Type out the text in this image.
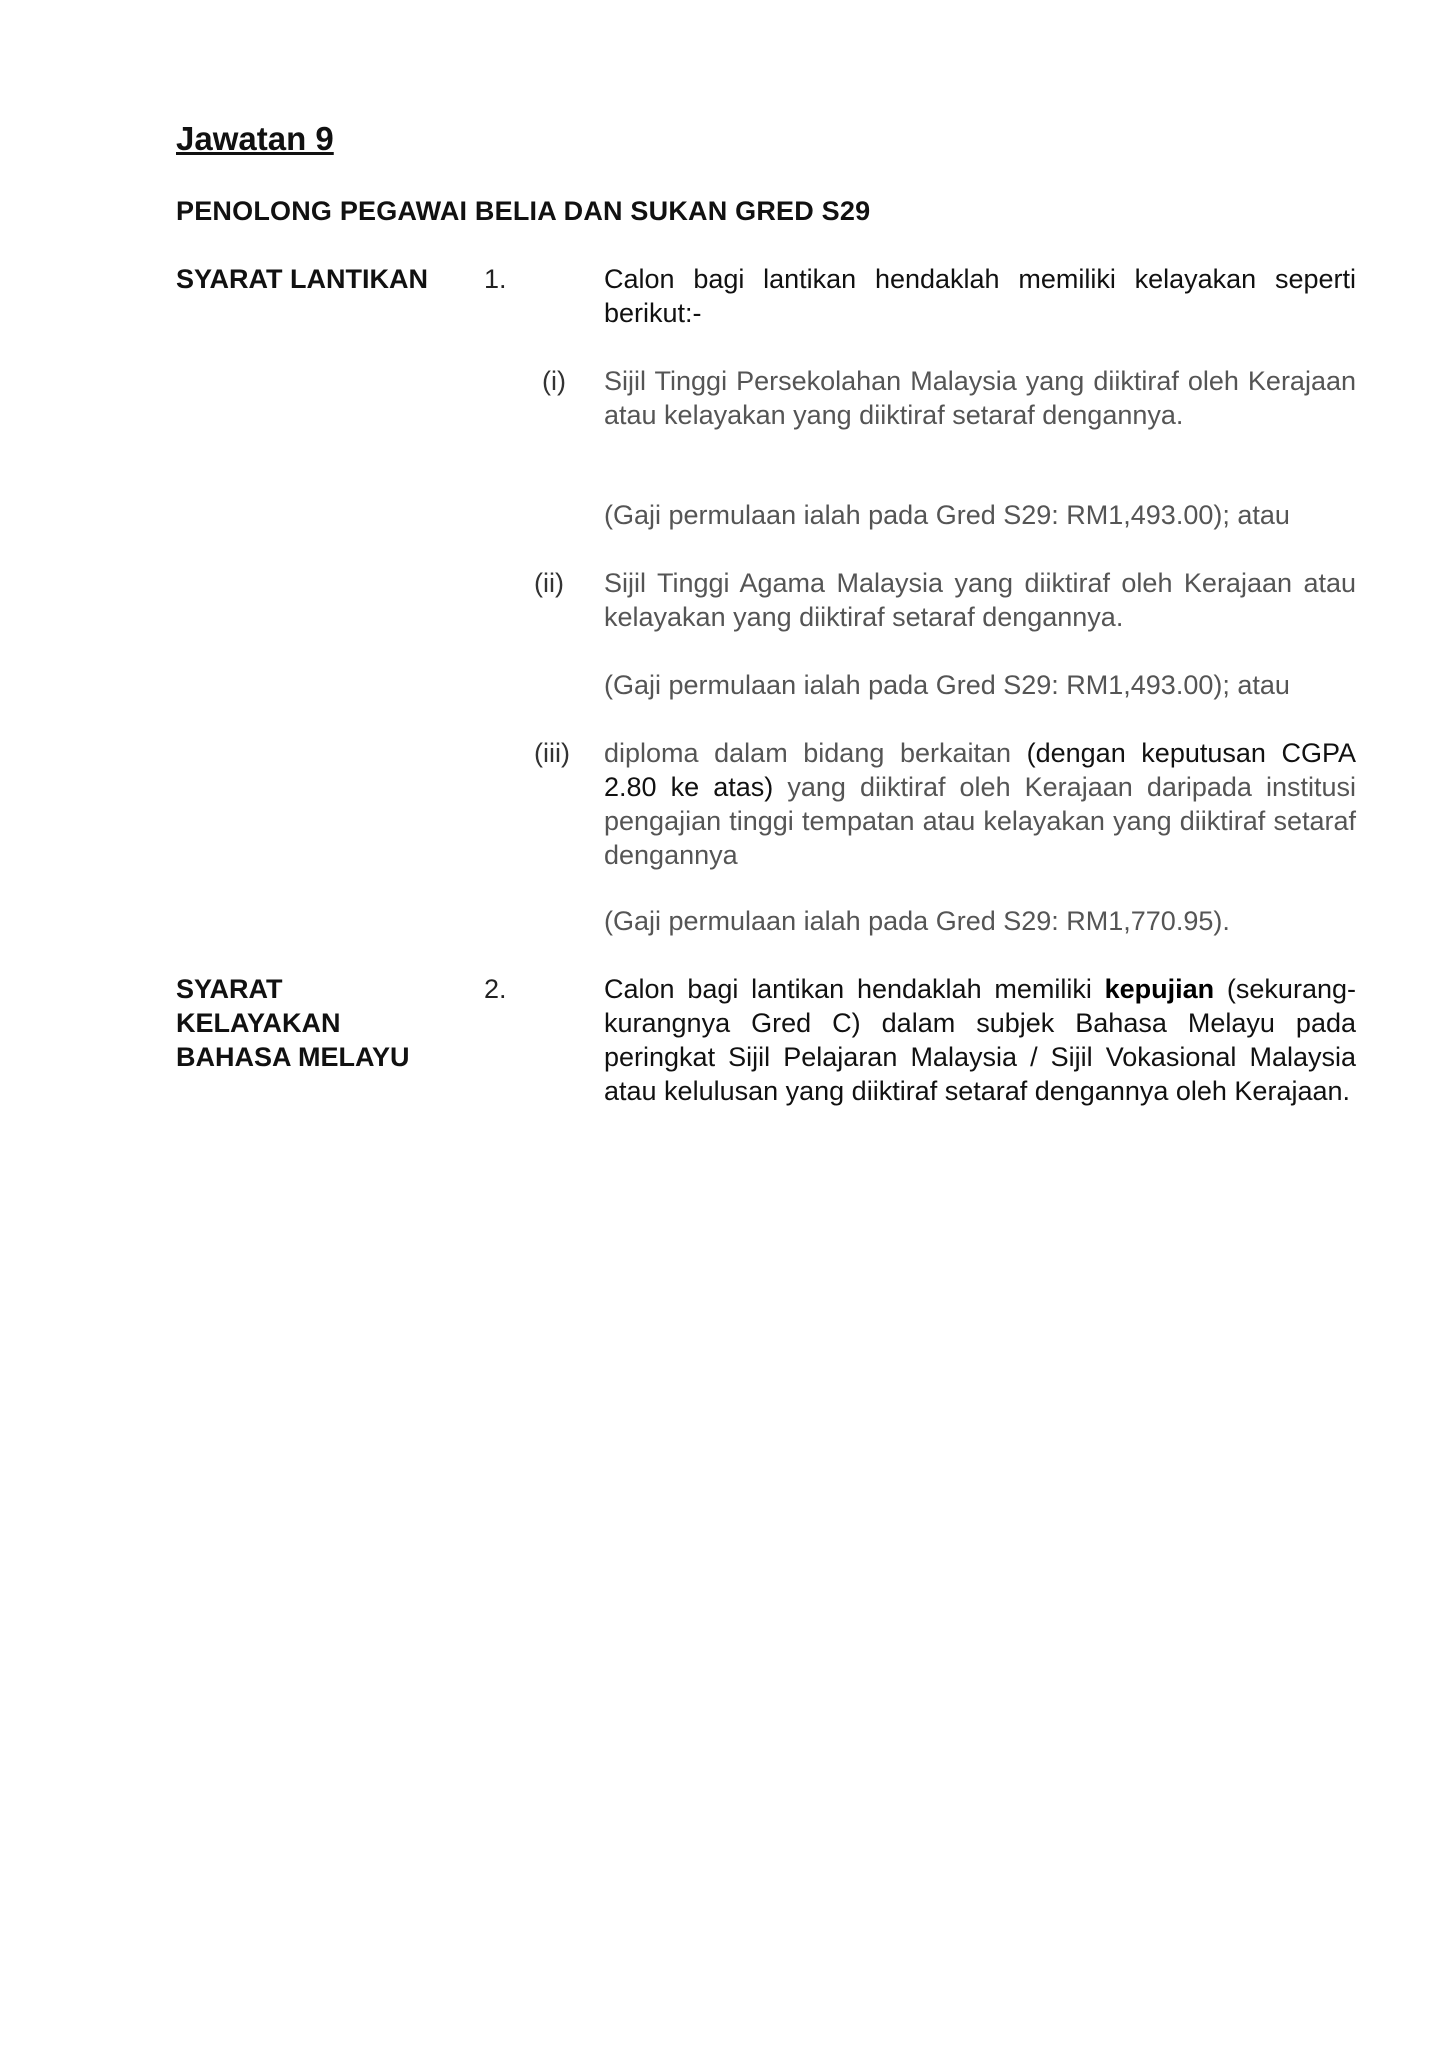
Jawatan 9
PENOLONG PEGAWAI BELIA DAN SUKAN GRED S29
SYARAT LANTIKAN 1.	Calon bagi lantikan hendaklah memiliki kelayakan seperti berikut:-
(i) Sijil Tinggi Persekolahan Malaysia yang diiktiraf oleh Kerajaan atau kelayakan yang diiktiraf setaraf dengannya.
(Gaji permulaan ialah pada Gred S29: RM1,493.00); atau
(ii) Sijil Tinggi Agama Malaysia yang diiktiraf oleh Kerajaan atau kelayakan yang diiktiraf setaraf dengannya.
(Gaji permulaan ialah pada Gred S29: RM1,493.00); atau
(iii) diploma dalam bidang berkaitan (dengan keputusan CGPA 2.80 ke atas) yang diiktiraf oleh Kerajaan daripada institusi pengajian tinggi tempatan atau kelayakan yang diiktiraf setaraf dengannya
(Gaji permulaan ialah pada Gred S29: RM1,770.95).
SYARAT
KELAYAKAN
BAHASA MELAYU
2.	Calon bagi lantikan hendaklah memiliki kepujian (sekurang-kurangnya Gred C) dalam subjek Bahasa Melayu pada peringkat Sijil Pelajaran Malaysia / Sijil Vokasional Malaysia atau kelulusan yang diiktiraf setaraf dengannya oleh Kerajaan.
